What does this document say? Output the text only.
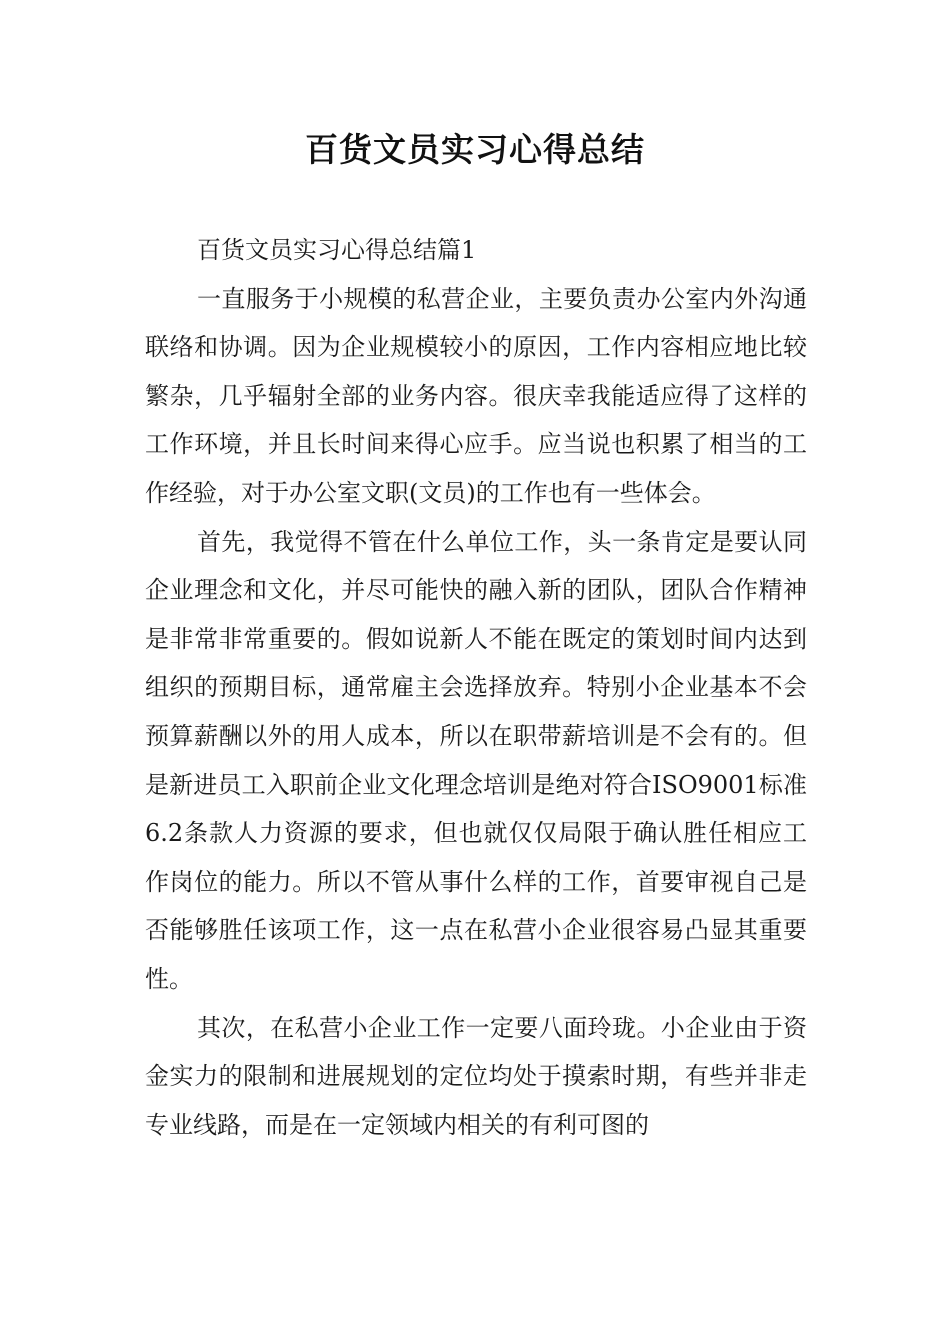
百货文员实习心得总结

百货文员实习心得总结篇1

一直服务于小规模的私营企业，主要负责办公室内外沟通联络和协调。因为企业规模较小的原因，工作内容相应地比较繁杂，几乎辐射全部的业务内容。很庆幸我能适应得了这样的工作环境，并且长时间来得心应手。应当说也积累了相当的工作经验，对于办公室文职(文员)的工作也有一些体会。

首先，我觉得不管在什么单位工作，头一条肯定是要认同企业理念和文化，并尽可能快的融入新的团队，团队合作精神是非常非常重要的。假如说新人不能在既定的策划时间内达到组织的预期目标，通常雇主会选择放弃。特别小企业基本不会预算薪酬以外的用人成本，所以在职带薪培训是不会有的。但是新进员工入职前企业文化理念培训是绝对符合ISO9001标准6.2条款人力资源的要求，但也就仅仅局限于确认胜任相应工作岗位的能力。所以不管从事什么样的工作，首要审视自己是否能够胜任该项工作，这一点在私营小企业很容易凸显其重要性。

其次，在私营小企业工作一定要八面玲珑。小企业由于资金实力的限制和进展规划的定位均处于摸索时期，有些并非走专业线路，而是在一定领域内相关的有利可图的
